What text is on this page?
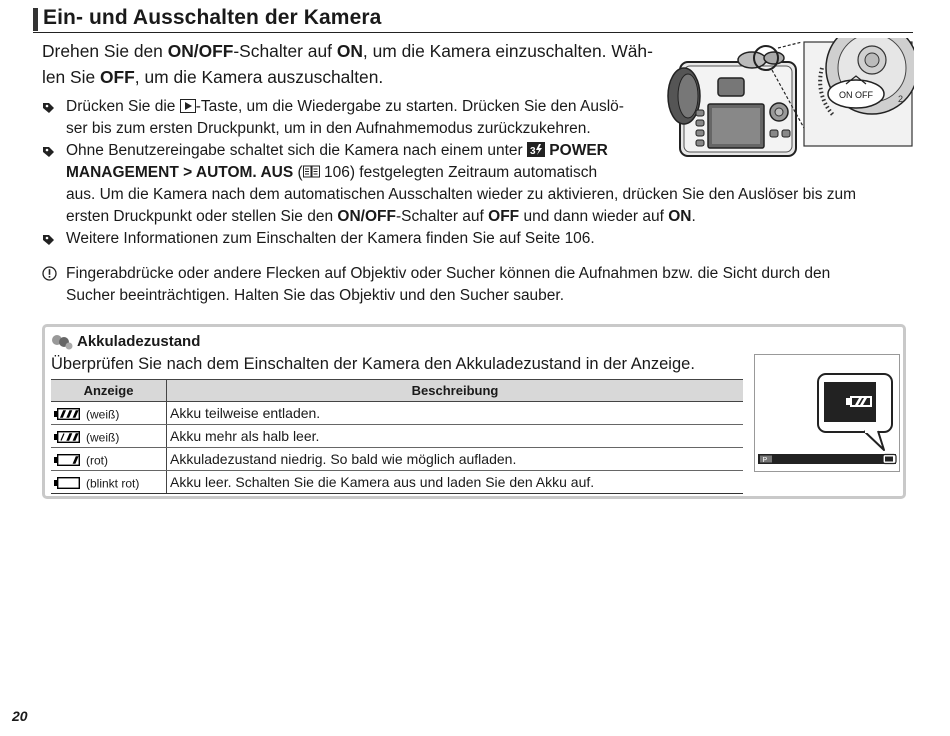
Ein- und Ausschalten der Kamera

Drehen Sie den ON/OFF-Schalter auf ON, um die Kamera einzuschalten. Wäh-
len Sie OFF, um die Kamera auszuschalten.

ON OFF	2
Drücken Sie die -Taste, um die Wiedergabe zu starten. Drücken Sie den Auslö-
ser bis zum ersten Druckpunkt, um in den Aufnahmemodus zurückzukehren.
Ohne Benutzereingabe schaltet sich die Kamera nach einem unter 3 POWER
MANAGEMENT > AUTOM. AUS ( 106) festgelegten Zeitraum automatisch
aus. Um die Kamera nach dem automatischen Ausschalten wieder zu aktivieren, drücken Sie den Auslöser bis zum
ersten Druckpunkt oder stellen Sie den ON/OFF-Schalter auf OFF und dann wieder auf ON.
Weitere Informationen zum Einschalten der Kamera finden Sie auf Seite 106.
Fingerabdrücke oder andere Flecken auf Objektiv oder Sucher können die Aufnahmen bzw. die Sicht durch den
Sucher beeinträchtigen. Halten Sie das Objektiv und den Sucher sauber.
Akkuladezustand
Überprüfen Sie nach dem Einschalten der Kamera den Akkuladezustand in der Anzeige.
Anzeige	Beschreibung
(weiß)	Akku teilweise entladen.
(weiß)	Akku mehr als halb leer.
(rot)	Akkuladezustand niedrig. So bald wie möglich aufladen.
(blinkt rot)	Akku leer. Schalten Sie die Kamera aus und laden Sie den Akku auf.
P
20
